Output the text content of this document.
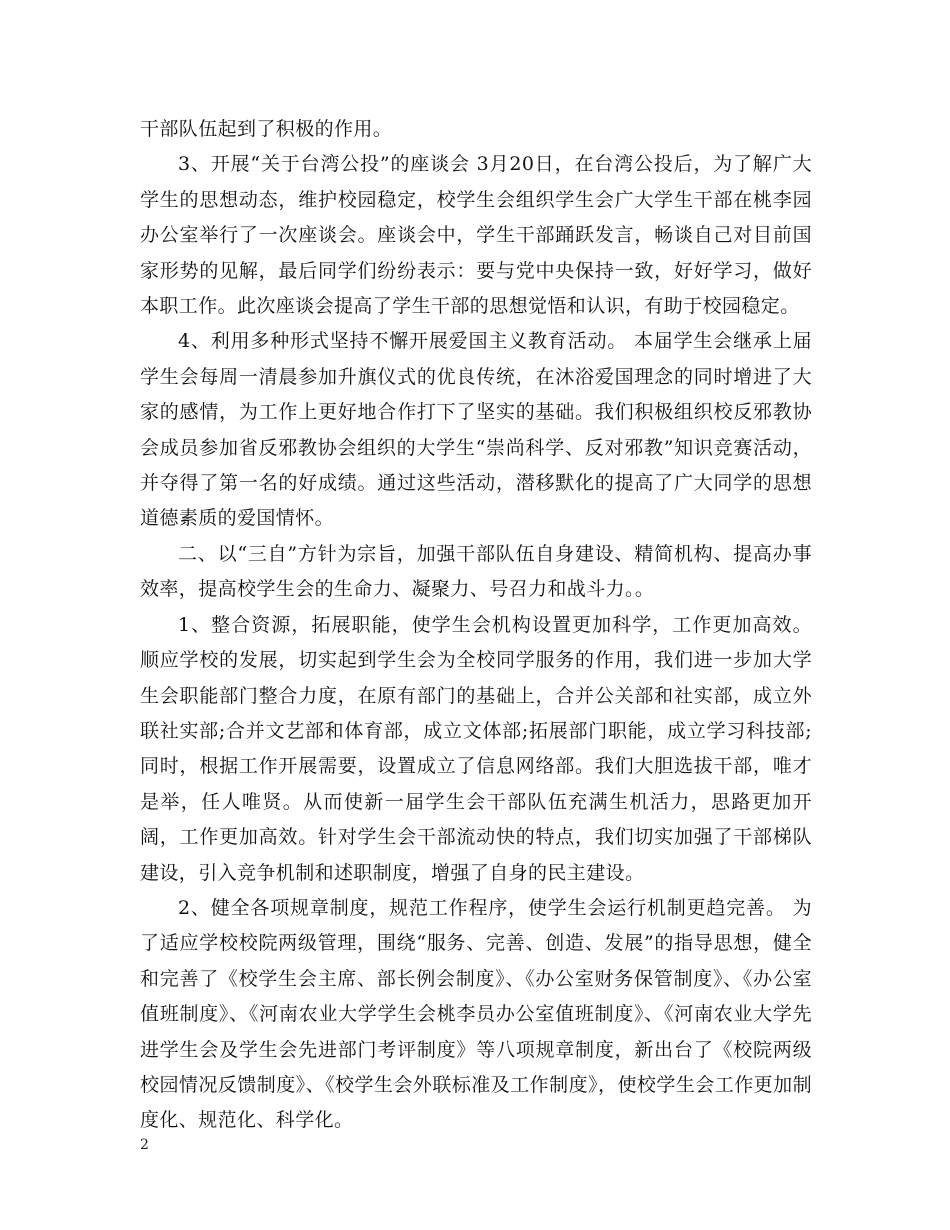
干部队伍起到了积极的作用。

3、开展“关于台湾公投”的座谈会 3月20日，在台湾公投后，为了解广大学生的思想动态，维护校园稳定，校学生会组织学生会广大学生干部在桃李园办公室举行了一次座谈会。座谈会中，学生干部踊跃发言，畅谈自己对目前国家形势的见解，最后同学们纷纷表示：要与党中央保持一致，好好学习，做好本职工作。此次座谈会提高了学生干部的思想觉悟和认识，有助于校园稳定。

4、利用多种形式坚持不懈开展爱国主义教育活动。 本届学生会继承上届学生会每周一清晨参加升旗仪式的优良传统，在沐浴爱国理念的同时增进了大家的感情，为工作上更好地合作打下了坚实的基础。我们积极组织校反邪教协会成员参加省反邪教协会组织的大学生“崇尚科学、反对邪教”知识竞赛活动，并夺得了第一名的好成绩。通过这些活动，潜移默化的提高了广大同学的思想道德素质的爱国情怀。

二、以“三自”方针为宗旨，加强干部队伍自身建设、精简机构、提高办事效率，提高校学生会的生命力、凝聚力、号召力和战斗力。。

1、整合资源，拓展职能，使学生会机构设置更加科学，工作更加高效。 顺应学校的发展，切实起到学生会为全校同学服务的作用，我们进一步加大学生会职能部门整合力度，在原有部门的基础上，合并公关部和社实部，成立外联社实部;合并文艺部和体育部，成立文体部;拓展部门职能，成立学习科技部;同时，根据工作开展需要，设置成立了信息网络部。我们大胆选拔干部，唯才是举，任人唯贤。从而使新一届学生会干部队伍充满生机活力，思路更加开阔，工作更加高效。针对学生会干部流动快的特点，我们切实加强了干部梯队建设，引入竞争机制和述职制度，增强了自身的民主建设。

2、健全各项规章制度，规范工作程序，使学生会运行机制更趋完善。 为了适应学校校院两级管理，围绕“服务、完善、创造、发展”的指导思想，健全和完善了《校学生会主席、部长例会制度》、《办公室财务保管制度》、《办公室值班制度》、《河南农业大学学生会桃李员办公室值班制度》、《河南农业大学先进学生会及学生会先进部门考评制度》等八项规章制度，新出台了《校院两级校园情况反馈制度》、《校学生会外联标准及工作制度》，使校学生会工作更加制度化、规范化、科学化。

2
